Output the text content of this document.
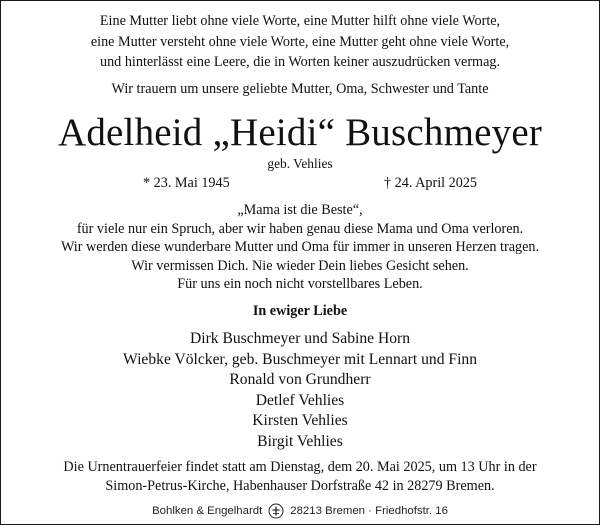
Eine Mutter liebt ohne viele Worte, eine Mutter hilft ohne viele Worte,
eine Mutter versteht ohne viele Worte, eine Mutter geht ohne viele Worte,
und hinterlässt eine Leere, die in Worten keiner auszudrücken vermag.
Wir trauern um unsere geliebte Mutter, Oma, Schwester und Tante
Adelheid „Heidi“ Buschmeyer
geb. Vehlies
* 23. Mai 1945	† 24. April 2025
„Mama ist die Beste“,
für viele nur ein Spruch, aber wir haben genau diese Mama und Oma verloren.
Wir werden diese wunderbare Mutter und Oma für immer in unseren Herzen tragen.
Wir vermissen Dich. Nie wieder Dein liebes Gesicht sehen.
Für uns ein noch nicht vorstellbares Leben.
In ewiger Liebe
Dirk Buschmeyer und Sabine Horn
Wiebke Völcker, geb. Buschmeyer mit Lennart und Finn
Ronald von Grundherr
Detlef Vehlies
Kirsten Vehlies
Birgit Vehlies
Die Urnentrauerfeier findet statt am Dienstag, dem 20. Mai 2025, um 13 Uhr in der
Simon-Petrus-Kirche, Habenhauser Dorfstraße 42 in 28279 Bremen.
Bohlken & Engelhardt 28213 Bremen · Friedhofstr. 16
